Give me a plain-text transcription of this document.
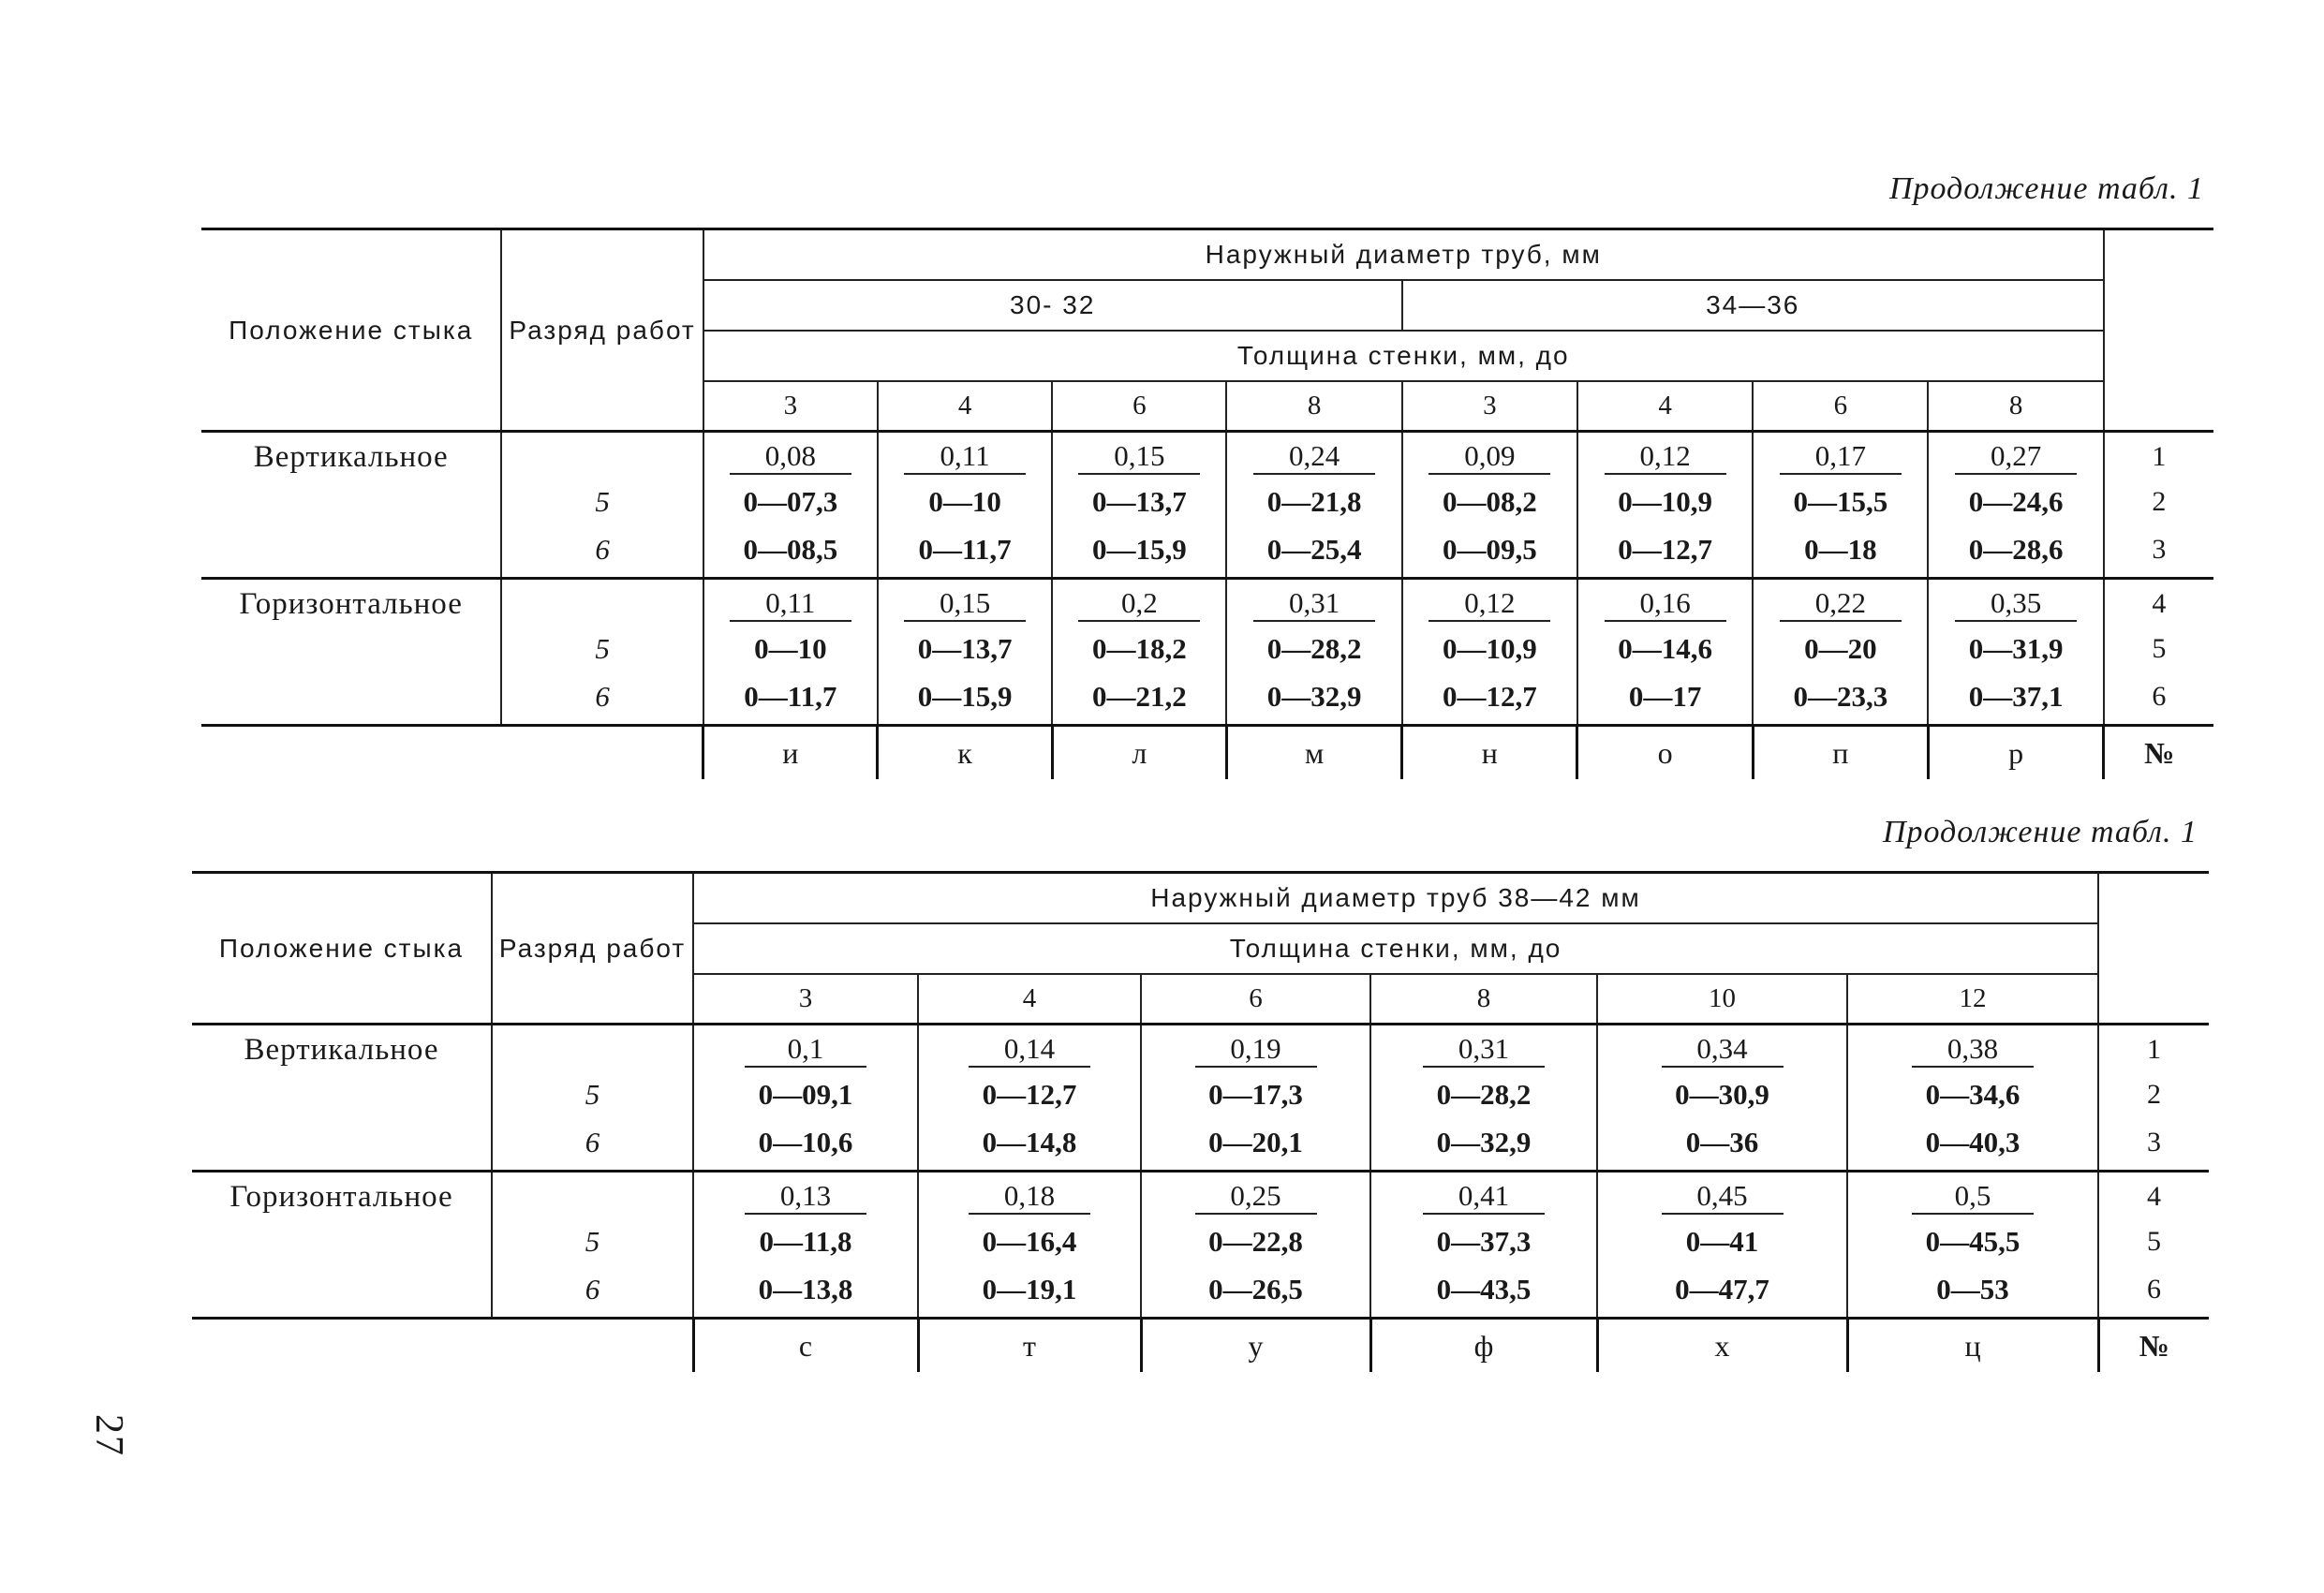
Продолжение табл. 1
Положение стыка	Разряд работ	Наружный диаметр труб, мм								
		30- 32				34—36				
		Толщина стенки, мм, до								
		3	4	6	8	3	4	6	8	

Вертикальное		0,08	0,11	0,15	0,24	0,09	0,12	0,17	0,27	1
	5	0—07,3	0—10	0—13,7	0—21,8	0—08,2	0—10,9	0—15,5	0—24,6	2
	6	0—08,5	0—11,7	0—15,9	0—25,4	0—09,5	0—12,7	0—18	0—28,6	3

Горизонтальное		0,11	0,15	0,2	0,31	0,12	0,16	0,22	0,35	4
	5	0—10	0—13,7	0—18,2	0—28,2	0—10,9	0—14,6	0—20	0—31,9	5
	6	0—11,7	0—15,9	0—21,2	0—32,9	0—12,7	0—17	0—23,3	0—37,1	6
		и	к	л	м	н	о	п	р	№
Продолжение табл. 1
Положение стыка	Разряд работ	Наружный диаметр труб 38—42 мм						
		Толщина стенки, мм, до						
		3	4	6	8	10	12	

Вертикальное		0,1	0,14	0,19	0,31	0,34	0,38	1
	5	0—09,1	0—12,7	0—17,3	0—28,2	0—30,9	0—34,6	2
	6	0—10,6	0—14,8	0—20,1	0—32,9	0—36	0—40,3	3

Горизонтальное		0,13	0,18	0,25	0,41	0,45	0,5	4
	5	0—11,8	0—16,4	0—22,8	0—37,3	0—41	0—45,5	5
	6	0—13,8	0—19,1	0—26,5	0—43,5	0—47,7	0—53	6
		с	т	у	ф	х	ц	№
27
